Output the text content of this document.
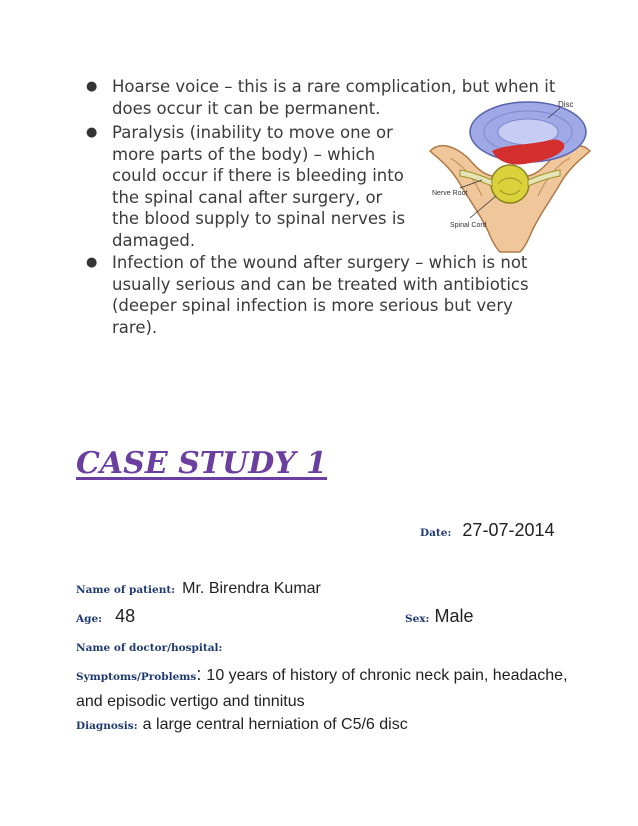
● Hoarse voice – this is a rare complication, but when it does occur it can be permanent.
● Paralysis (inability to move one or more parts of the body) – which could occur if there is bleeding into the spinal canal after surgery, or the blood supply to spinal nerves is damaged.
● Infection of the wound after surgery – which is not usually serious and can be treated with antibiotics (deeper spinal infection is more serious but very rare).
Disc
Nerve Root
Spinal Cord
CASE STUDY 1
Date: 27-07-2014
Name of patient: Mr. Birendra Kumar
Age: 48	Sex: Male
Name of doctor/hospital:
Symptoms/Problems: 10 years of history of chronic neck pain, headache, and episodic vertigo and tinnitus
Diagnosis: a large central herniation of C5/6 disc
